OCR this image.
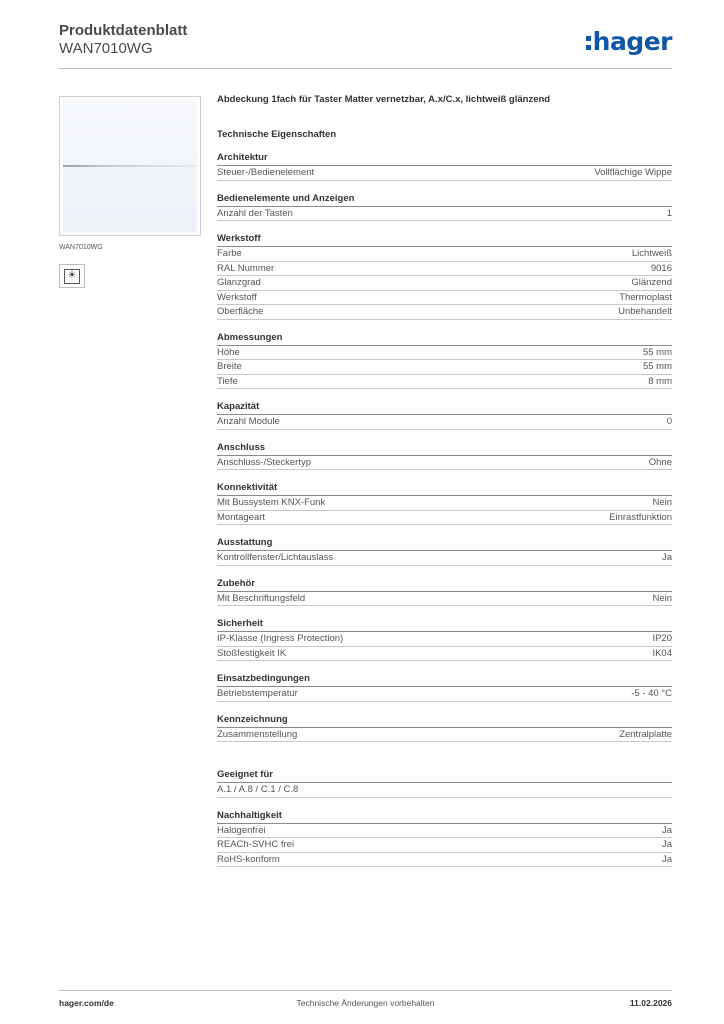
Produktdatenblatt
WAN7010WG	hager
WAN7010WG
☀
Abdeckung 1fach für Taster Matter vernetzbar, A.x/C.x, lichtweiß glänzend
Technische Eigenschaften
Architektur
Steuer-/Bedienelement	Vollflächige Wippe
Bedienelemente und Anzeigen
Anzahl der Tasten	1
Werkstoff
Farbe	Lichtweiß
RAL Nummer	9016
Glanzgrad	Glänzend
Werkstoff	Thermoplast
Oberfläche	Unbehandelt
Abmessungen
Höhe	55 mm
Breite	55 mm
Tiefe	8 mm
Kapazität
Anzahl Module	0
Anschluss
Anschluss-/Steckertyp	Ohne
Konnektivität
Mit Bussystem KNX-Funk	Nein
Montageart	Einrastfunktion
Ausstattung
Kontrollfenster/Lichtauslass	Ja
Zubehör
Mit Beschriftungsfeld	Nein
Sicherheit
IP-Klasse (Ingress Protection)	IP20
Stoßfestigkeit IK	IK04
Einsatzbedingungen
Betriebstemperatur	-5 - 40 °C
Kennzeichnung
Zusammenstellung	Zentralplatte
Geeignet für
A.1 / A.8 / C.1 / C.8
Nachhaltigkeit
Halogenfrei	Ja
REACh-SVHC frei	Ja
RoHS-konform	Ja
hager.com/de	Technische Änderungen vorbehalten	11.02.2026
